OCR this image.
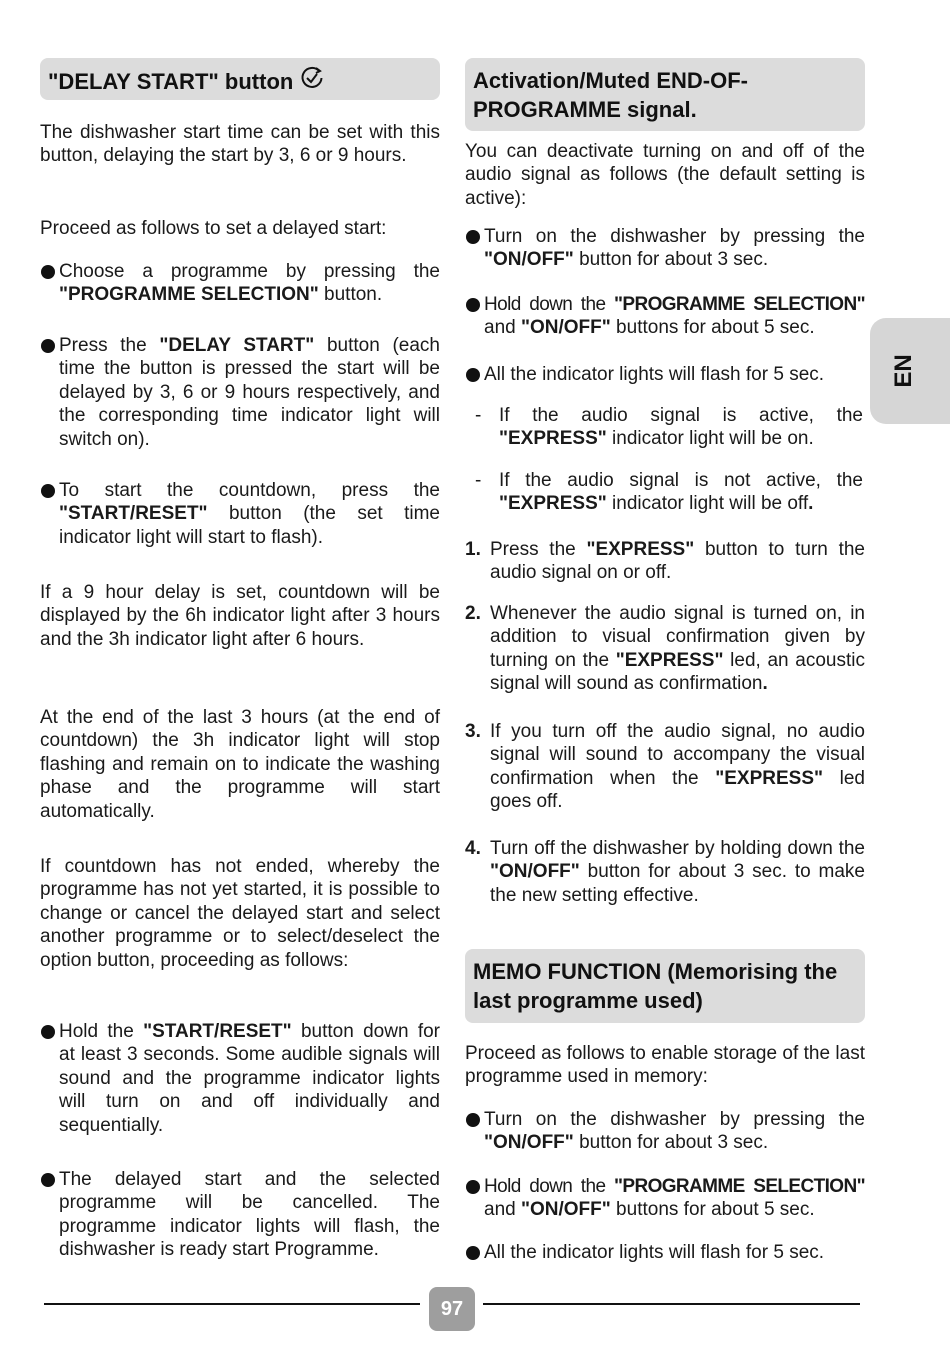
"DELAY START" button
The dishwasher start time can be set with this button, delaying the start by 3, 6 or 9 hours.
Proceed as follows to set a delayed start:
Choose a programme by pressing the "PROGRAMME SELECTION" button.
Press the "DELAY START" button (each time the button is pressed the start will be delayed by 3, 6 or 9 hours respectively, and the corresponding time indicator light will switch on).
To start the countdown, press the "START/RESET" button (the set time indicator light will start to flash).
If a 9 hour delay is set, countdown will be displayed by the 6h indicator light after 3 hours and the 3h indicator light after 6 hours.
At the end of the last 3 hours (at the end of countdown) the 3h indicator light will stop flashing and remain on to indicate the washing phase and the programme will start automatically.
If countdown has not ended, whereby the programme has not yet started, it is possible to change or cancel the delayed start and select another programme or to select/deselect the option button, proceeding as follows:
Hold the "START/RESET" button down for at least 3 seconds. Some audible signals will sound and the programme indicator lights will turn on and off individually and sequentially.
The delayed start and the selected programme will be cancelled. The programme indicator lights will flash, the dishwasher is ready start Programme.
Activation/Muted END-OF-PROGRAMME signal.
You can deactivate turning on and off of the audio signal as follows (the default setting is active):
Turn on the dishwasher by pressing the "ON/OFF" button for about 3 sec.
Hold down the "PROGRAMME SELECTION" and "ON/OFF" buttons for about 5 sec.
All the indicator lights will flash for 5 sec.
- If the audio signal is active, the "EXPRESS" indicator light will be on.
- If the audio signal is not active, the "EXPRESS" indicator light will be off.
1. Press the "EXPRESS" button to turn the audio signal on or off.
2. Whenever the audio signal is turned on, in addition to visual confirmation given by turning on the "EXPRESS" led, an acoustic signal will sound as confirmation.
3. If you turn off the audio signal, no audio signal will sound to accompany the visual confirmation when the "EXPRESS" led goes off.
4. Turn off the dishwasher by holding down the "ON/OFF" button for about 3 sec. to make the new setting effective.
MEMO FUNCTION (Memorising the last programme used)
Proceed as follows to enable storage of the last programme used in memory:
Turn on the dishwasher by pressing the "ON/OFF" button for about 3 sec.
Hold down the "PROGRAMME SELECTION" and "ON/OFF" buttons for about 5 sec.
All the indicator lights will flash for 5 sec.
EN
97
